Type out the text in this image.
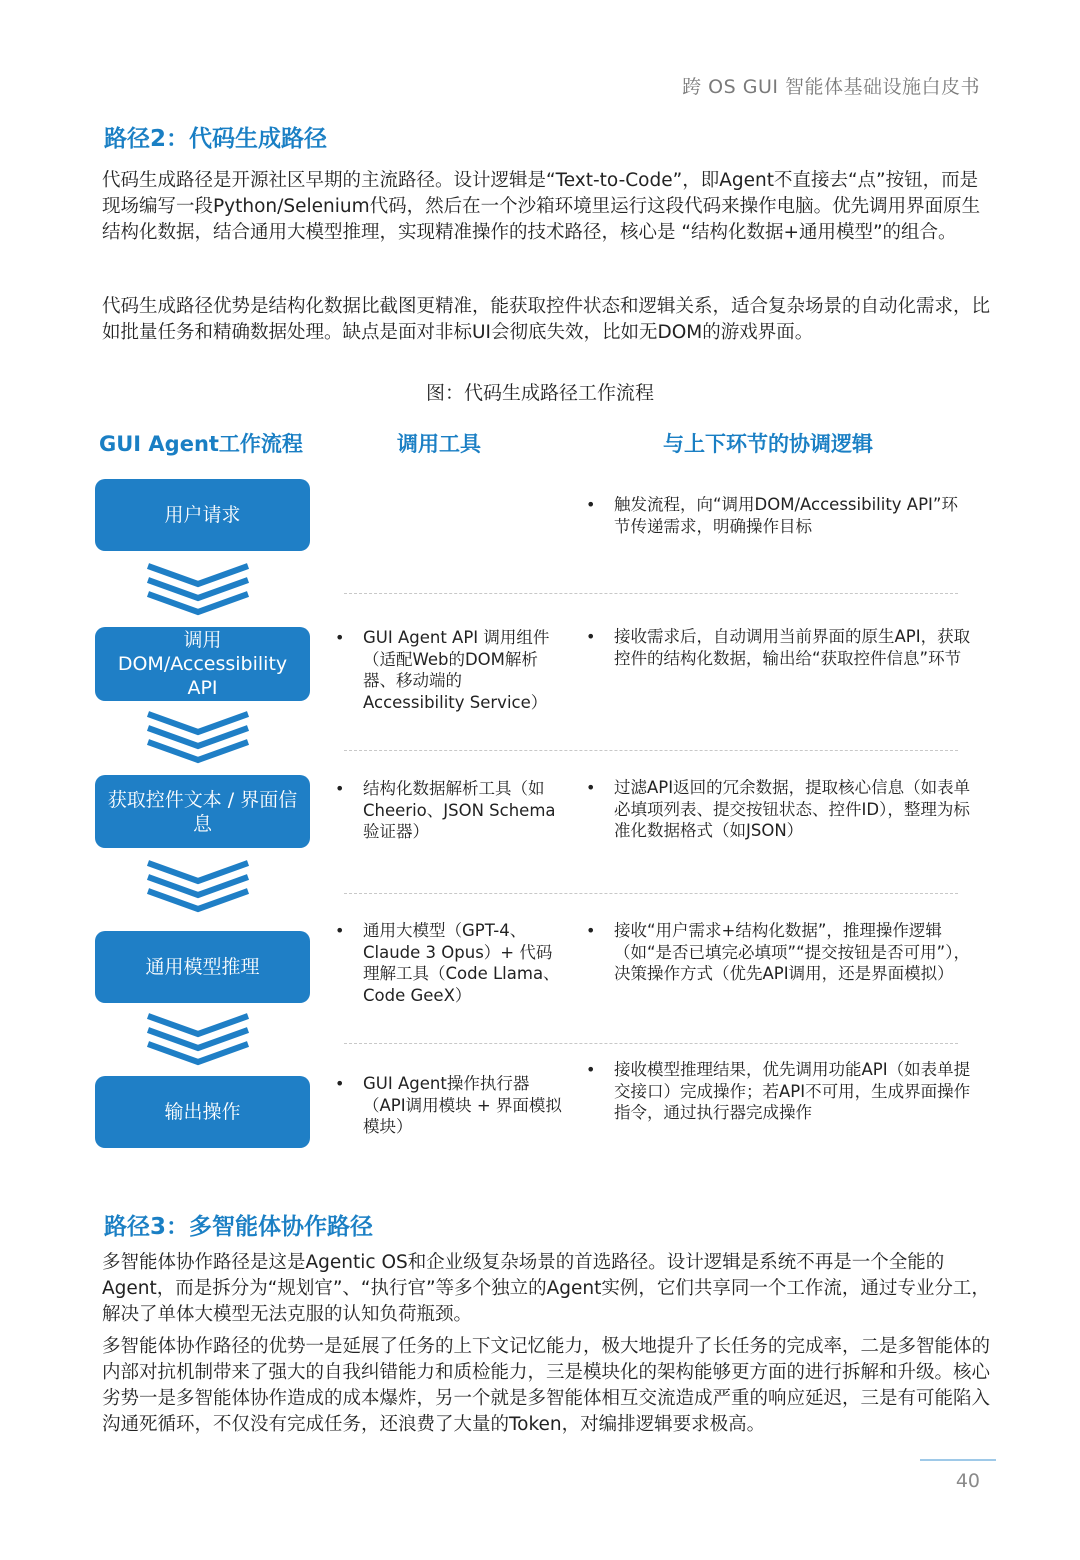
跨 OS GUI 智能体基础设施白皮书
路径2：代码生成路径

代码生成路径是开源社区早期的主流路径。设计逻辑是“Text-to-Code”，即Agent不直接去“点”按钮，而是现场编写一段Python/Selenium代码，然后在一个沙箱环境里运行这段代码来操作电脑。优先调用界面原生结构化数据，结合通用大模型推理，实现精准操作的技术路径，核心是 “结构化数据+通用模型”的组合。

代码生成路径优势是结构化数据比截图更精准，能获取控件状态和逻辑关系，适合复杂场景的自动化需求，比如批量任务和精确数据处理。缺点是面对非标UI会彻底失效，比如无DOM的游戏界面。

图：代码生成路径工作流程
GUI Agent工作流程	调用工具	与上下环节的协调逻辑
用户请求
调用DOM/Accessibility API
获取控件文本 / 界面信息
通用模型推理
输出操作
• 触发流程，向“调用DOM/Accessibility API”环节传递需求，明确操作目标
• GUI Agent API 调用组件（适配Web的DOM解析器、移动端的Accessibility Service）
• 接收需求后，自动调用当前界面的原生API，获取控件的结构化数据，输出给“获取控件信息”环节
• 结构化数据解析工具（如 Cheerio、JSON Schema 验证器）
• 过滤API返回的冗余数据，提取核心信息（如表单必填项列表、提交按钮状态、控件ID），整理为标准化数据格式（如JSON）
• 通用大模型（GPT-4、Claude 3 Opus）+ 代码理解工具（Code Llama、Code GeeX）
• 接收“用户需求+结构化数据”，推理操作逻辑（如“是否已填完必填项”“提交按钮是否可用”），决策操作方式（优先API调用，还是界面模拟）
• GUI Agent操作执行器（API调用模块 + 界面模拟模块）
• 接收模型推理结果，优先调用功能API（如表单提交接口）完成操作；若API不可用，生成界面操作指令，通过执行器完成操作
路径3：多智能体协作路径

多智能体协作路径是这是Agentic OS和企业级复杂场景的首选路径。设计逻辑是系统不再是一个全能的Agent，而是拆分为“规划官”、“执行官”等多个独立的Agent实例，它们共享同一个工作流，通过专业分工，解决了单体大模型无法克服的认知负荷瓶颈。

多智能体协作路径的优势一是延展了任务的上下文记忆能力，极大地提升了长任务的完成率，二是多智能体的内部对抗机制带来了强大的自我纠错能力和质检能力，三是模块化的架构能够更方面的进行拆解和升级。核心劣势一是多智能体协作造成的成本爆炸，另一个就是多智能体相互交流造成严重的响应延迟，三是有可能陷入沟通死循环，不仅没有完成任务，还浪费了大量的Token，对编排逻辑要求极高。

40
